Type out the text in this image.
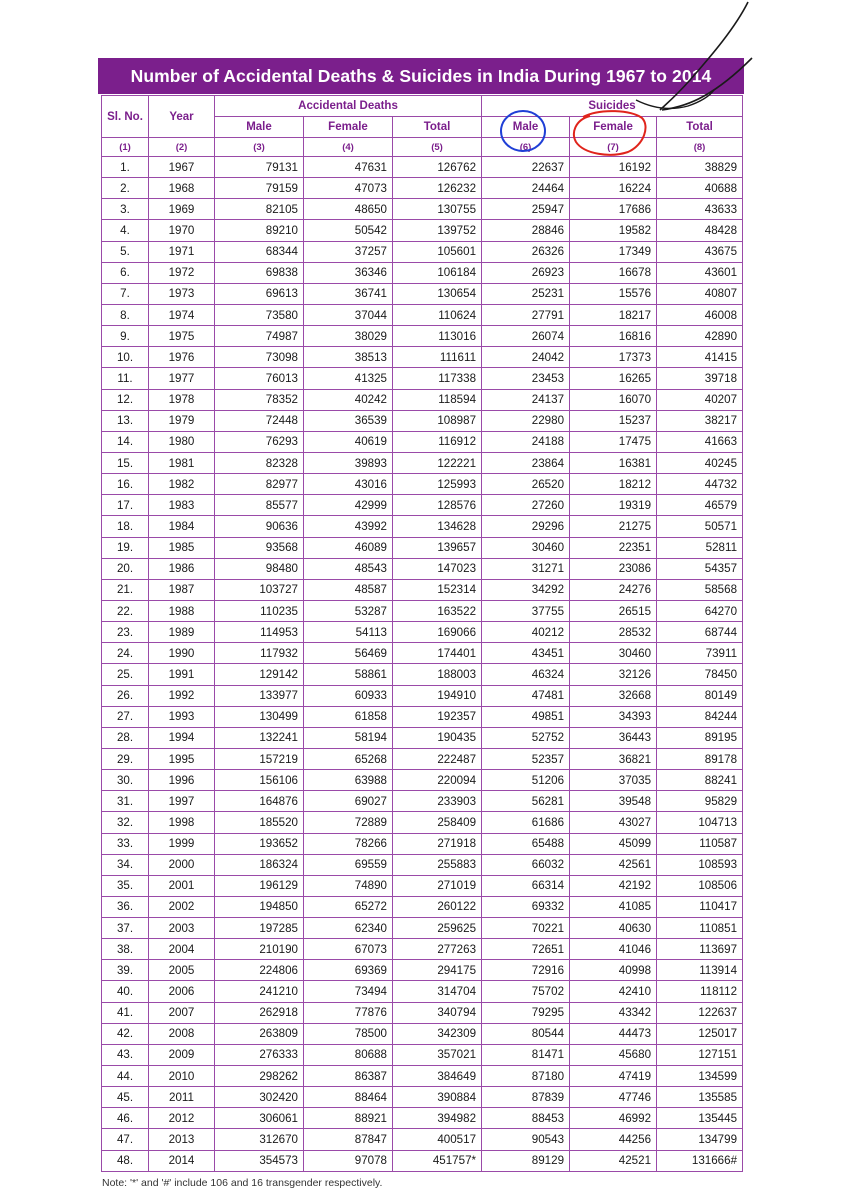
Number of Accidental Deaths & Suicides in India During 1967 to 2014
Sl. No.	Year	Accidental Deaths			Suicides		
		Male	Female	Total	Male	Female	Total
(1)	(2)	(3)	(4)	(5)	(6)	(7)	(8)
1.	1967	79131	47631	126762	22637	16192	38829
2.	1968	79159	47073	126232	24464	16224	40688
3.	1969	82105	48650	130755	25947	17686	43633
4.	1970	89210	50542	139752	28846	19582	48428
5.	1971	68344	37257	105601	26326	17349	43675
6.	1972	69838	36346	106184	26923	16678	43601
7.	1973	69613	36741	130654	25231	15576	40807
8.	1974	73580	37044	110624	27791	18217	46008
9.	1975	74987	38029	113016	26074	16816	42890
10.	1976	73098	38513	111611	24042	17373	41415
11.	1977	76013	41325	117338	23453	16265	39718
12.	1978	78352	40242	118594	24137	16070	40207
13.	1979	72448	36539	108987	22980	15237	38217
14.	1980	76293	40619	116912	24188	17475	41663
15.	1981	82328	39893	122221	23864	16381	40245
16.	1982	82977	43016	125993	26520	18212	44732
17.	1983	85577	42999	128576	27260	19319	46579
18.	1984	90636	43992	134628	29296	21275	50571
19.	1985	93568	46089	139657	30460	22351	52811
20.	1986	98480	48543	147023	31271	23086	54357
21.	1987	103727	48587	152314	34292	24276	58568
22.	1988	110235	53287	163522	37755	26515	64270
23.	1989	114953	54113	169066	40212	28532	68744
24.	1990	117932	56469	174401	43451	30460	73911
25.	1991	129142	58861	188003	46324	32126	78450
26.	1992	133977	60933	194910	47481	32668	80149
27.	1993	130499	61858	192357	49851	34393	84244
28.	1994	132241	58194	190435	52752	36443	89195
29.	1995	157219	65268	222487	52357	36821	89178
30.	1996	156106	63988	220094	51206	37035	88241
31.	1997	164876	69027	233903	56281	39548	95829
32.	1998	185520	72889	258409	61686	43027	104713
33.	1999	193652	78266	271918	65488	45099	110587
34.	2000	186324	69559	255883	66032	42561	108593
35.	2001	196129	74890	271019	66314	42192	108506
36.	2002	194850	65272	260122	69332	41085	110417
37.	2003	197285	62340	259625	70221	40630	110851
38.	2004	210190	67073	277263	72651	41046	113697
39.	2005	224806	69369	294175	72916	40998	113914
40.	2006	241210	73494	314704	75702	42410	118112
41.	2007	262918	77876	340794	79295	43342	122637
42.	2008	263809	78500	342309	80544	44473	125017
43.	2009	276333	80688	357021	81471	45680	127151
44.	2010	298262	86387	384649	87180	47419	134599
45.	2011	302420	88464	390884	87839	47746	135585
46.	2012	306061	88921	394982	88453	46992	135445
47.	2013	312670	87847	400517	90543	44256	134799
48.	2014	354573	97078	451757*	89129	42521	131666#
Note: '*' and '#' include 106 and 16 transgender respectively.
